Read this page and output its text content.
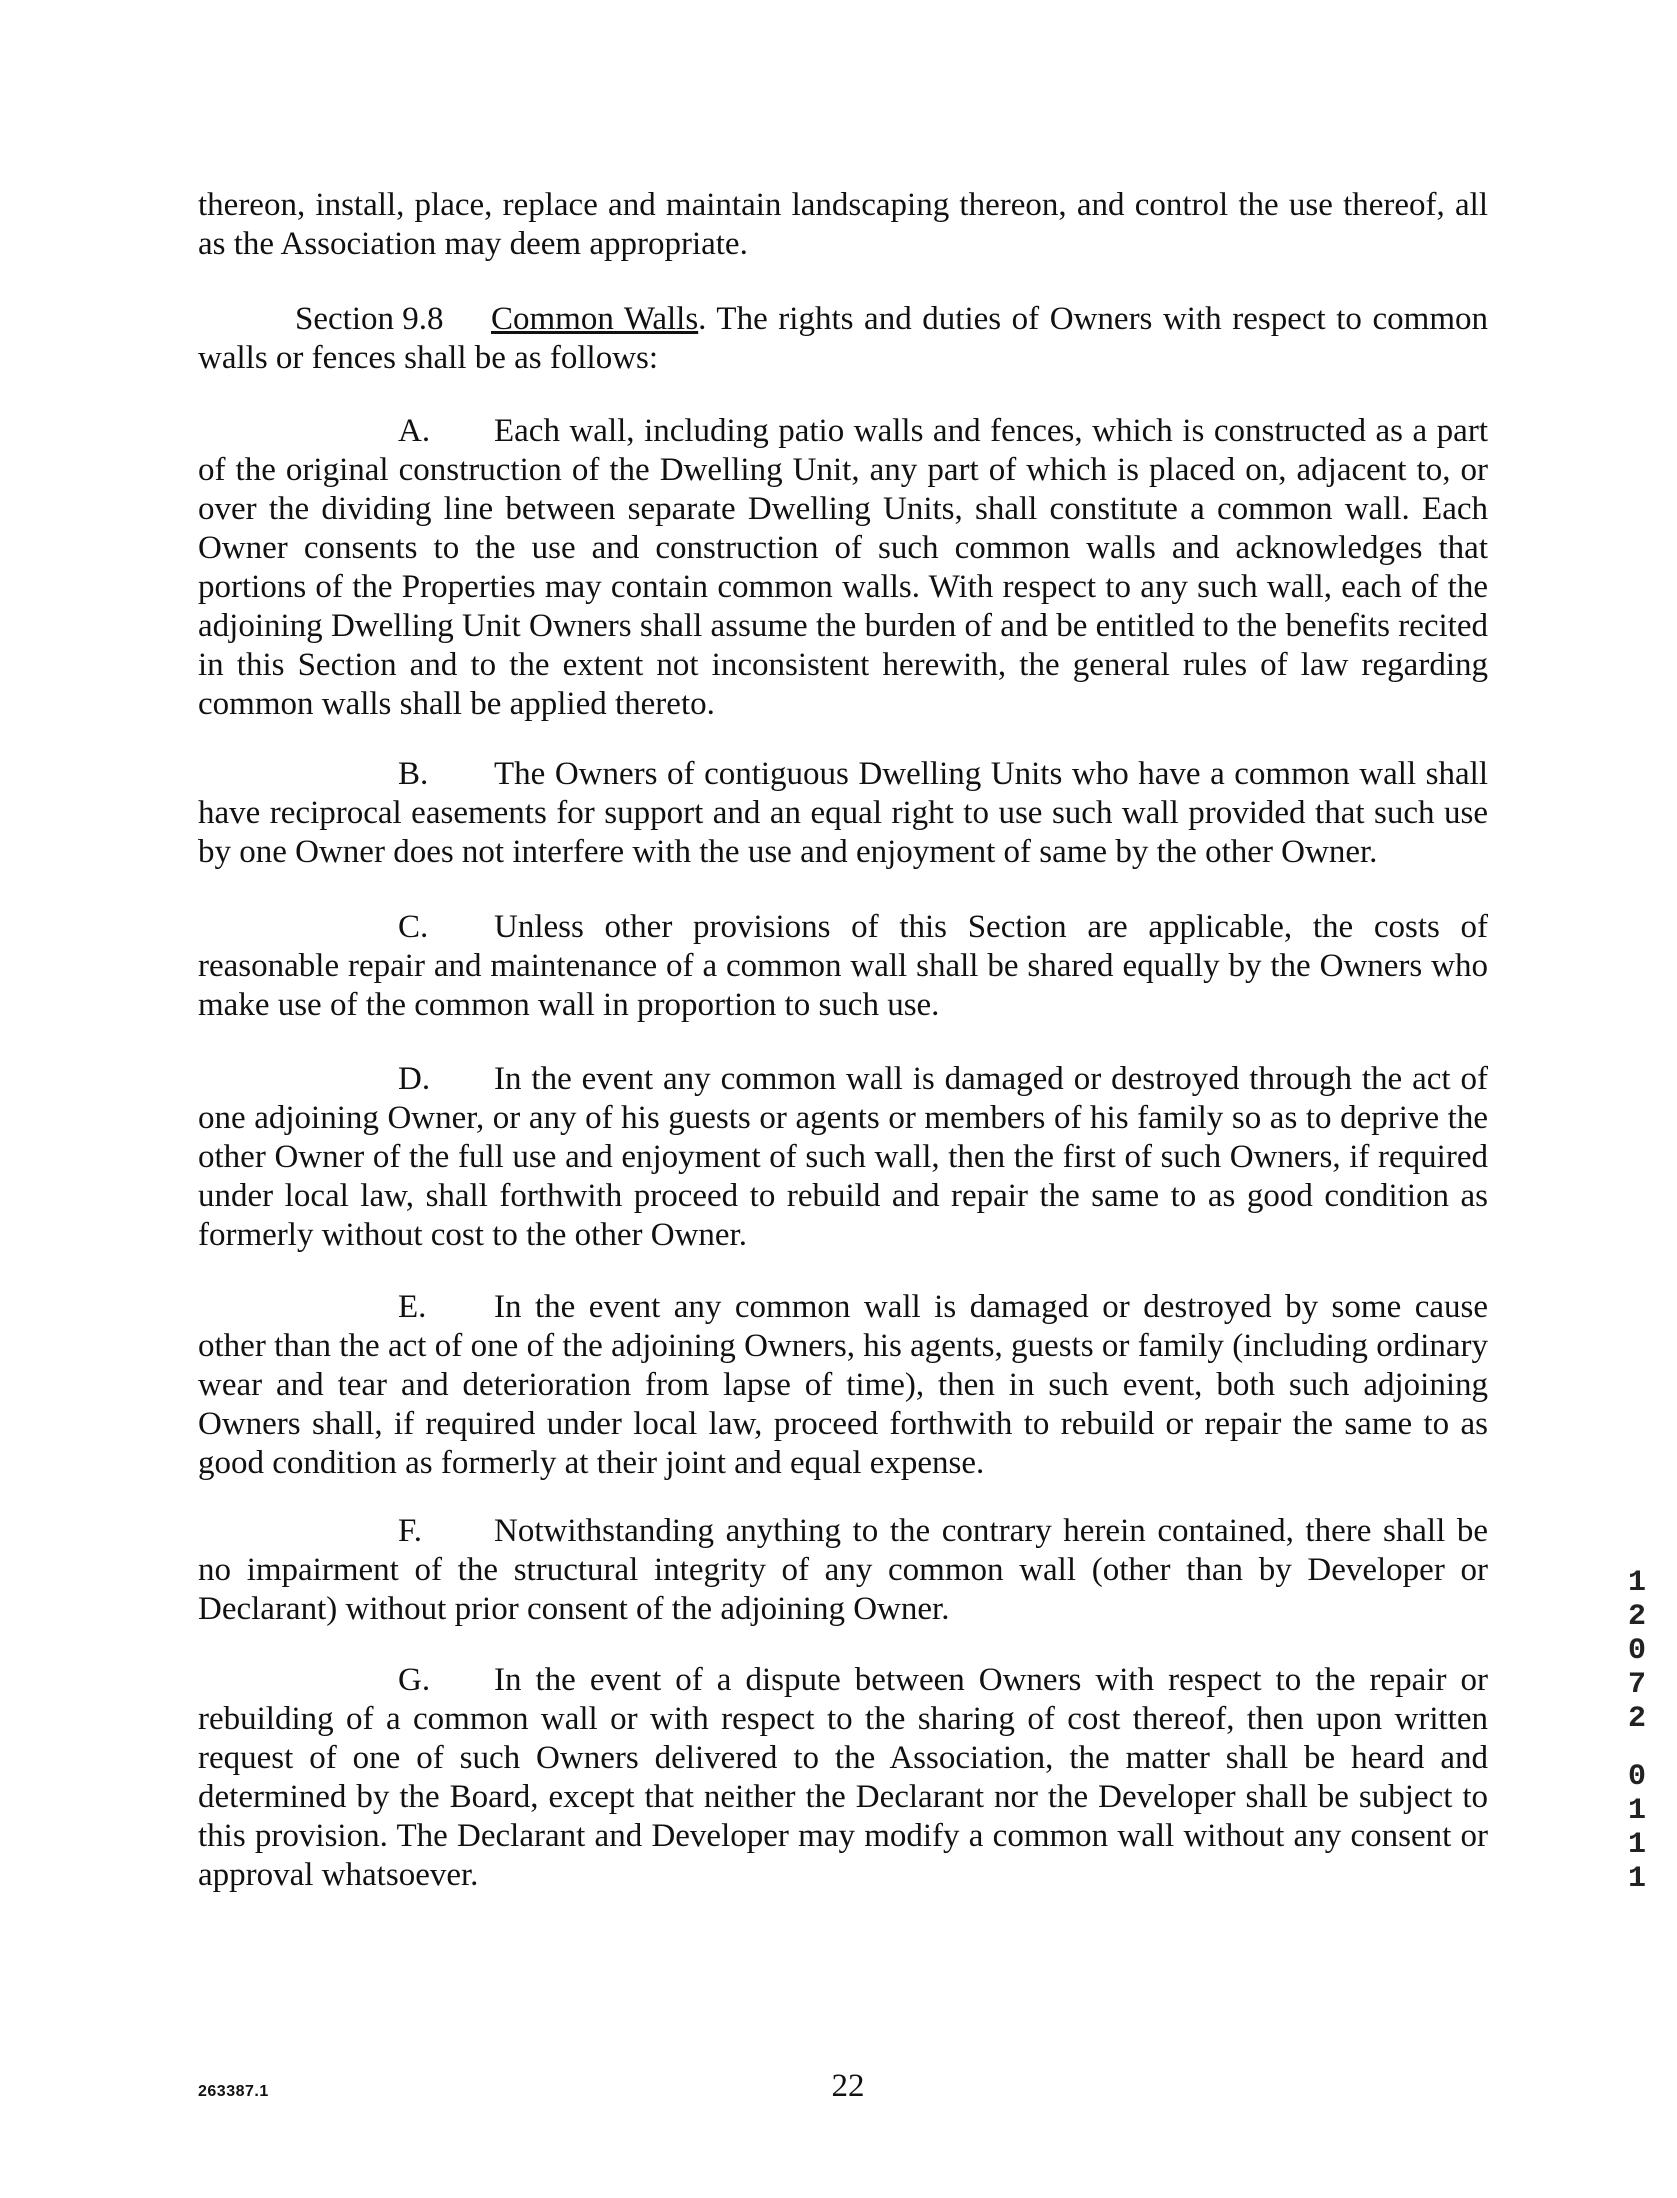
thereon, install, place, replace and maintain landscaping thereon, and control the use thereof, all as the Association may deem appropriate.

Section 9.8 Common Walls. The rights and duties of Owners with respect to common walls or fences shall be as follows:

A. Each wall, including patio walls and fences, which is constructed as a part of the original construction of the Dwelling Unit, any part of which is placed on, adjacent to, or over the dividing line between separate Dwelling Units, shall constitute a common wall. Each Owner consents to the use and construction of such common walls and acknowledges that portions of the Properties may contain common walls. With respect to any such wall, each of the adjoining Dwelling Unit Owners shall assume the burden of and be entitled to the benefits recited in this Section and to the extent not inconsistent herewith, the general rules of law regarding common walls shall be applied thereto.

B. The Owners of contiguous Dwelling Units who have a common wall shall have reciprocal easements for support and an equal right to use such wall provided that such use by one Owner does not interfere with the use and enjoyment of same by the other Owner.

C. Unless other provisions of this Section are applicable, the costs of reasonable repair and maintenance of a common wall shall be shared equally by the Owners who make use of the common wall in proportion to such use.

D. In the event any common wall is damaged or destroyed through the act of one adjoining Owner, or any of his guests or agents or members of his family so as to deprive the other Owner of the full use and enjoyment of such wall, then the first of such Owners, if required under local law, shall forthwith proceed to rebuild and repair the same to as good condition as formerly without cost to the other Owner.

E. In the event any common wall is damaged or destroyed by some cause other than the act of one of the adjoining Owners, his agents, guests or family (including ordinary wear and tear and deterioration from lapse of time), then in such event, both such adjoining Owners shall, if required under local law, proceed forthwith to rebuild or repair the same to as good condition as formerly at their joint and equal expense.

F. Notwithstanding anything to the contrary herein contained, there shall be no impairment of the structural integrity of any common wall (other than by Developer or Declarant) without prior consent of the adjoining Owner.

G. In the event of a dispute between Owners with respect to the repair or rebuilding of a common wall or with respect to the sharing of cost thereof, then upon written request of one of such Owners delivered to the Association, the matter shall be heard and determined by the Board, except that neither the Declarant nor the Developer shall be subject to this provision. The Declarant and Developer may modify a common wall without any consent or approval whatsoever.

1
2
0
7
2
0
1
1
1
263387.1	22
